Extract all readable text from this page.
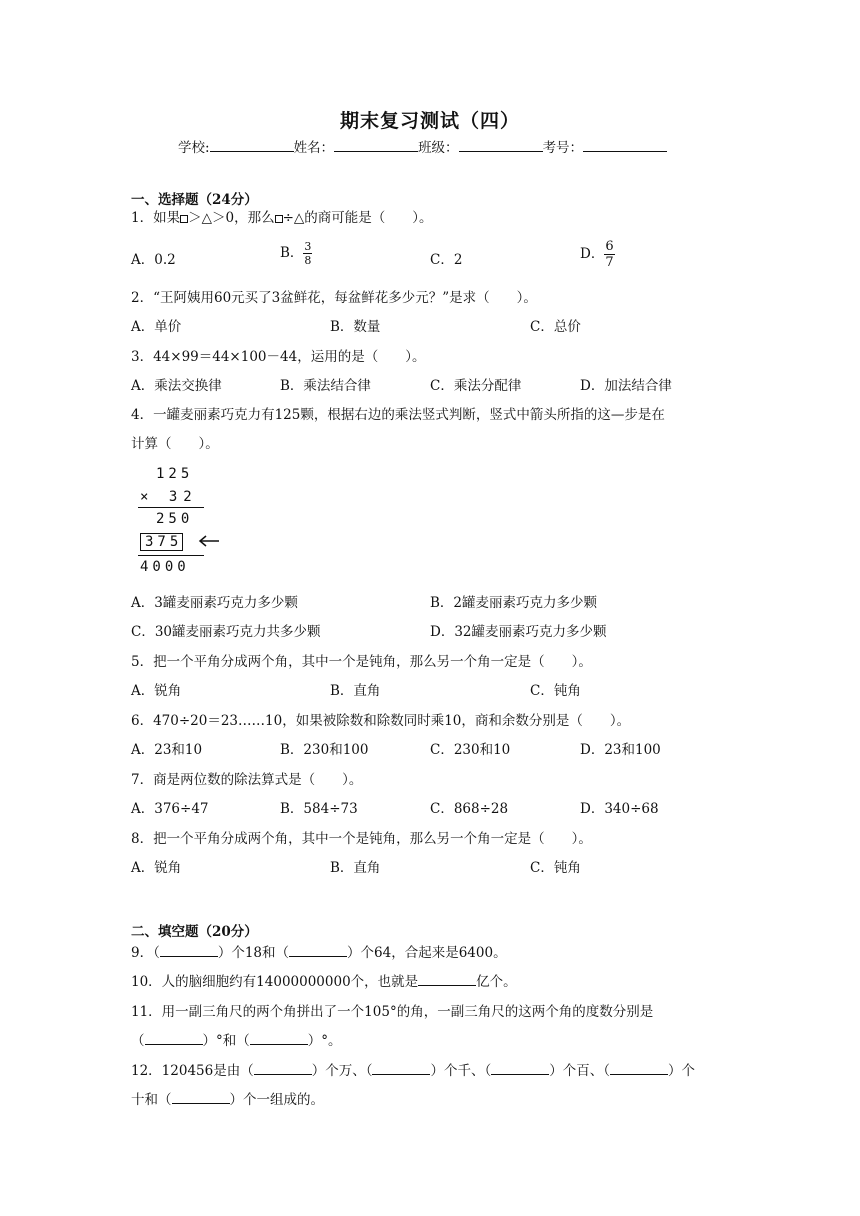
期末复习测试（四）
学校:	姓名：	班级：	考号：
一、选择题（24分）
1．如果 ＞△＞0，那么 ÷△的商可能是（　　）。
A．0.2	B． $\frac{3}{8}$	C．2	D． $\frac{6}{7}$
2．“王阿姨用60元买了3盆鲜花，每盆鲜花多少元？”是求（　　）。
A．单价	B．数量	C．总价
3．44×99＝44×100－44，运用的是（　　）。
A．乘法交换律	B．乘法结合律	C．乘法分配律	D．加法结合律
4．一罐麦丽素巧克力有125颗，根据右边的乘法竖式判断，竖式中箭头所指的这—步是在
计算（　　）。
125
× 32
250
375
4000
A．3罐麦丽素巧克力多少颗	B．2罐麦丽素巧克力多少颗
C．30罐麦丽素巧克力共多少颗	D．32罐麦丽素巧克力多少颗
5．把一个平角分成两个角，其中一个是钝角，那么另一个角一定是（　　）。
A．锐角	B．直角	C．钝角
6．470÷20＝23……10，如果被除数和除数同时乘10，商和余数分别是（　　）。
A．23和10	B．230和100	C．230和10	D．23和100
7．商是两位数的除法算式是（　　）。
A．376÷47	B．584÷73	C．868÷28	D．340÷68
8．把一个平角分成两个角，其中一个是钝角，那么另一个角一定是（　　）。
A．锐角	B．直角	C．钝角
二、填空题（20分）
9．（	）个18和（	）个64，合起来是6400。
10．人的脑细胞约有14000000000个，也就是	亿个。
11．用一副三角尺的两个角拼出了一个105°的角，一副三角尺的这两个角的度数分别是
（	）°和（	）°。
12．120456是由（	）个万、（	）个千、（	）个百、（	）个
十和（	）个一组成的。
